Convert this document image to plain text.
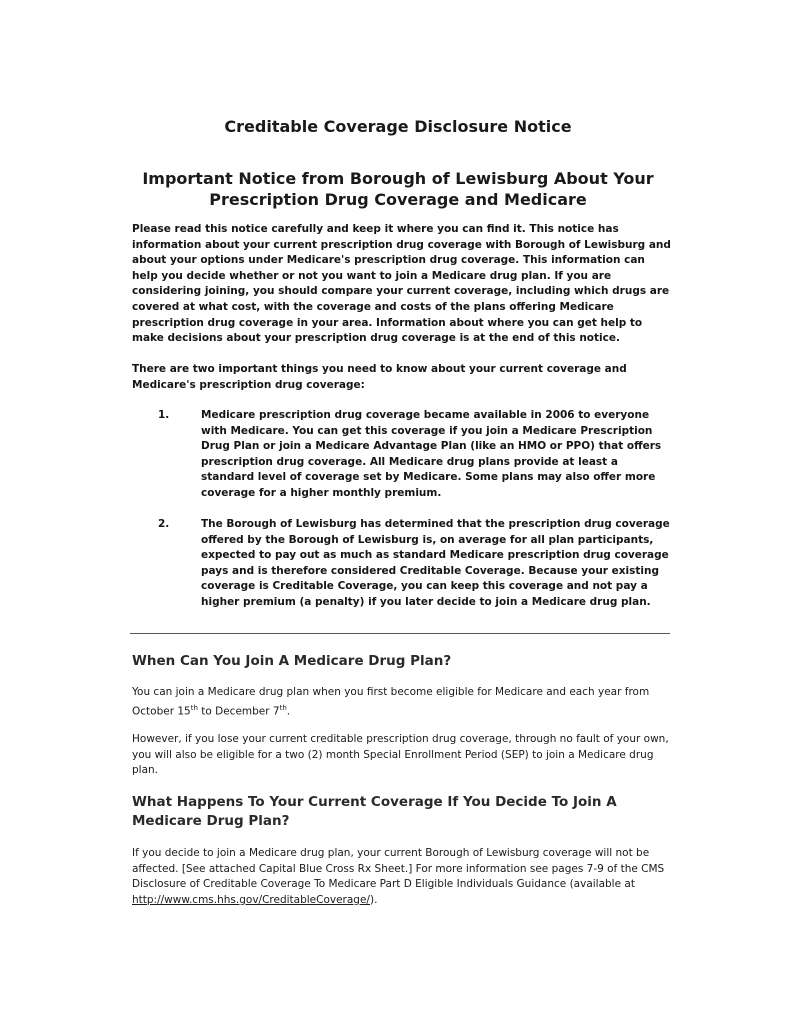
Creditable Coverage Disclosure Notice
Important Notice from Borough of Lewisburg About Your
Prescription Drug Coverage and Medicare
Please read this notice carefully and keep it where you can find it. This notice has information about your current prescription drug coverage with Borough of Lewisburg and about your options under Medicare's prescription drug coverage. This information can help you decide whether or not you want to join a Medicare drug plan. If you are considering joining, you should compare your current coverage, including which drugs are covered at what cost, with the coverage and costs of the plans offering Medicare prescription drug coverage in your area. Information about where you can get help to make decisions about your prescription drug coverage is at the end of this notice.
There are two important things you need to know about your current coverage and Medicare's prescription drug coverage:
1.	Medicare prescription drug coverage became available in 2006 to everyone with Medicare. You can get this coverage if you join a Medicare Prescription Drug Plan or join a Medicare Advantage Plan (like an HMO or PPO) that offers prescription drug coverage. All Medicare drug plans provide at least a standard level of coverage set by Medicare. Some plans may also offer more coverage for a higher monthly premium.
2.	The Borough of Lewisburg has determined that the prescription drug coverage offered by the Borough of Lewisburg is, on average for all plan participants, expected to pay out as much as standard Medicare prescription drug coverage pays and is therefore considered Creditable Coverage. Because your existing coverage is Creditable Coverage, you can keep this coverage and not pay a higher premium (a penalty) if you later decide to join a Medicare drug plan.
When Can You Join A Medicare Drug Plan?
You can join a Medicare drug plan when you first become eligible for Medicare and each year from October 15th to December 7th.
However, if you lose your current creditable prescription drug coverage, through no fault of your own, you will also be eligible for a two (2) month Special Enrollment Period (SEP) to join a Medicare drug plan.
What Happens To Your Current Coverage If You Decide To Join A Medicare Drug Plan?
If you decide to join a Medicare drug plan, your current Borough of Lewisburg coverage will not be affected. [See attached Capital Blue Cross Rx Sheet.] For more information see pages 7-9 of the CMS Disclosure of Creditable Coverage To Medicare Part D Eligible Individuals Guidance (available at http://www.cms.hhs.gov/CreditableCoverage/).
